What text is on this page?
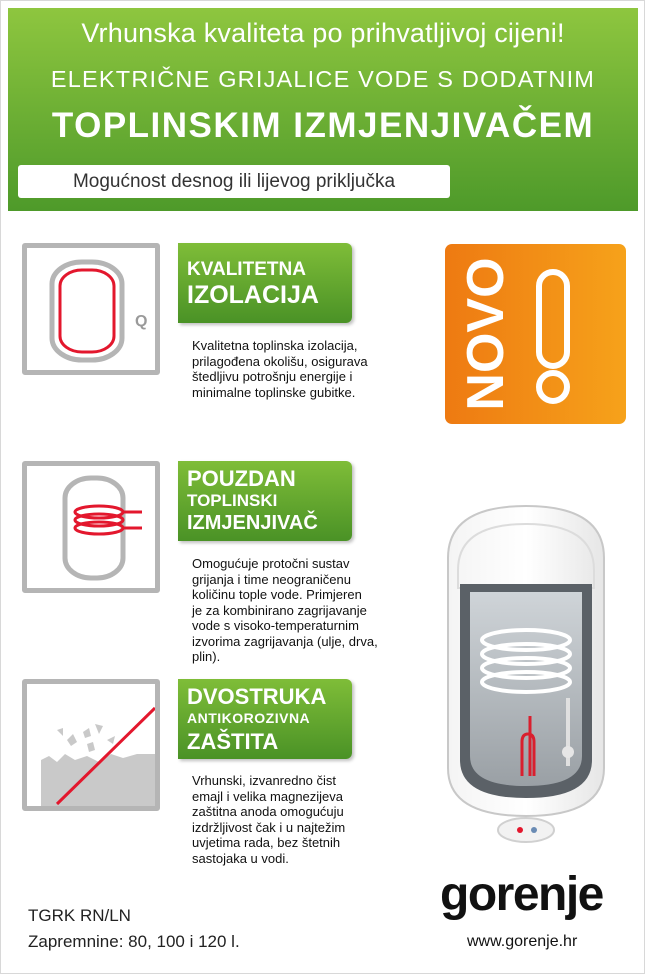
Vrhunska kvaliteta po prihvatljivoj cijeni!
ELEKTRIČNE GRIJALICE VODE S DODATNIM
TOPLINSKIM IZMJENJIVAČEM
Mogućnost desnog ili lijevog priključka
Q
KVALITETNA
IZOLACIJA
Kvalitetna toplinska izolacija,
prilagođena okolišu, osigurava
štedljivu potrošnju energije i
minimalne toplinske gubitke. NOVO
POUZDAN
TOPLINSKI
IZMJENJIVAČ
Omogućuje protočni sustav
grijanja i time neograničenu
količinu tople vode. Primjeren
je za kombinirano zagrijavanje
vode s visoko-temperaturnim
izvorima zagrijavanja (ulje, drva,
plin).
DVOSTRUKA
ANTIKOROZIVNA
ZAŠTITA
Vrhunski, izvanredno čist
emajl i velika magnezijeva
zaštitna anoda omogućuju
izdržljivost čak i u najtežim
uvjetima rada, bez štetnih
sastojaka u vodi.
TGRK RN/LN
Zapremnine: 80, 100 i 120 l.
gorenje
www.gorenje.hr
